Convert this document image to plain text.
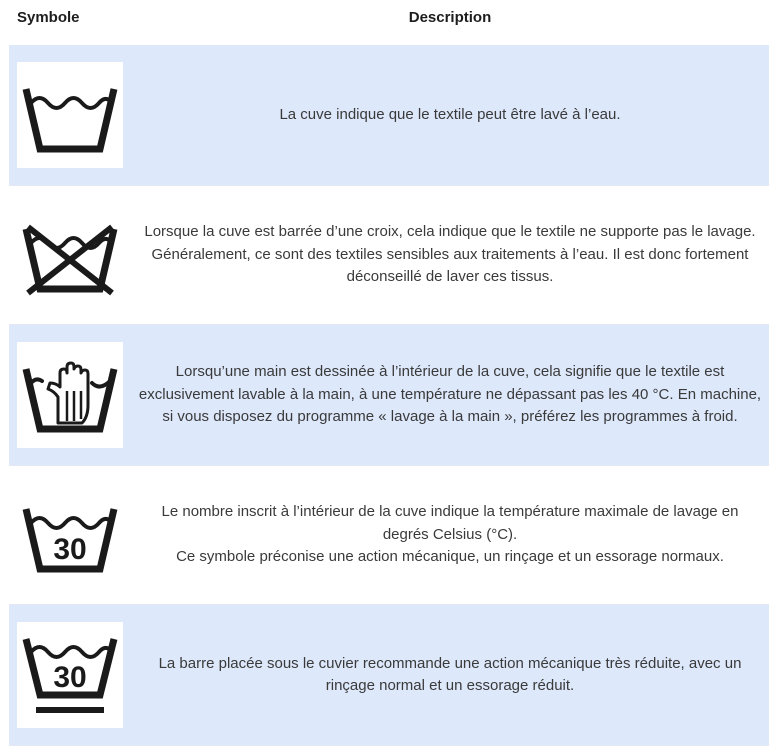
Symbole	Description
La cuve indique que le textile peut être lavé à l’eau.
Lorsque la cuve est barrée d’une croix, cela indique que le textile ne supporte pas le lavage. Généralement, ce sont des textiles sensibles aux traitements à l’eau. Il est donc fortement déconseillé de laver ces tissus.
Lorsqu’une main est dessinée à l’intérieur de la cuve, cela signifie que le textile est exclusivement lavable à la main, à une température ne dépassant pas les 40 °C. En machine, si vous disposez du programme « lavage à la main », préférez les programmes à froid.
30
Le nombre inscrit à l’intérieur de la cuve indique la température maximale de lavage en degrés Celsius (°C).
Ce symbole préconise une action mécanique, un rinçage et un essorage normaux.
30	La barre placée sous le cuvier recommande une action mécanique très réduite, avec un rinçage normal et un essorage réduit.
